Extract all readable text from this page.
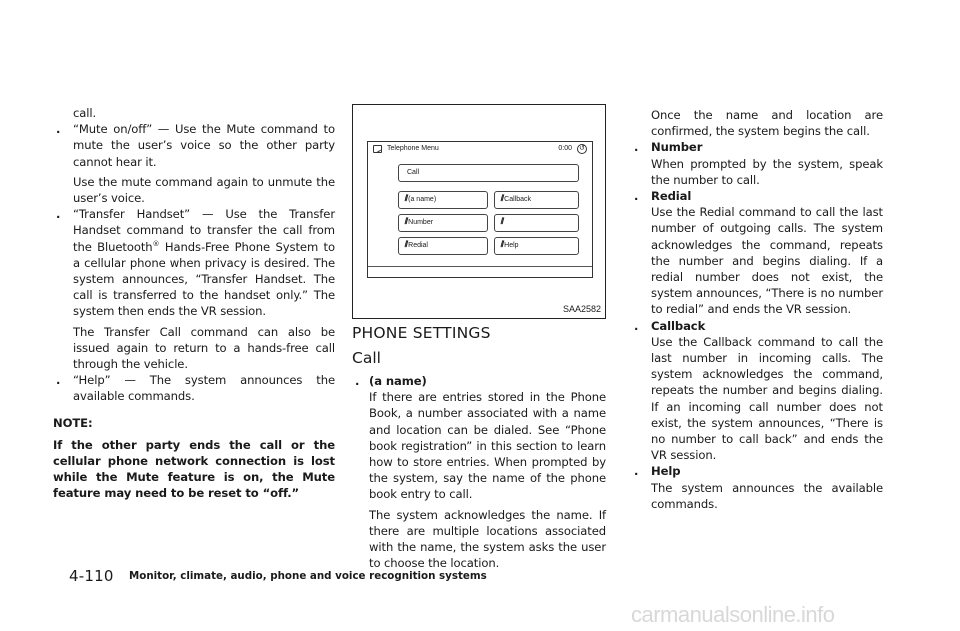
call.
. “Mute on/off” — Use the Mute command to mute the user’s voice so the other party cannot hear it.
Use the mute command again to unmute the user’s voice.
. “Transfer Handset” — Use the Transfer Handset command to transfer the call from the Bluetooth® Hands-Free Phone System to a cellular phone when privacy is desired. The system announces, “Transfer Handset. The call is transferred to the handset only.” The system then ends the VR session.
The Transfer Call command can also be issued again to return to a hands-free call through the vehicle.
. “Help” — The system announces the available commands.
NOTE:
If the other party ends the call or the cellular phone network connection is lost while the Mute feature is on, the Mute feature may need to be reset to “off.”
Telephone Menu	0:00 ↺
Call
ꟾꟾ (a name)	ꟾꟾ Callback
ꟾꟾ Number	ꟾꟾ
ꟾꟾ Redial	ꟾꟾ Help
SAA2582
PHONE SETTINGS
Call
. (a name)
If there are entries stored in the Phone Book, a number associated with a name and location can be dialed. See “Phone book registration” in this section to learn how to store entries. When prompted by the system, say the name of the phone book entry to call.
The system acknowledges the name. If there are multiple locations associated with the name, the system asks the user to choose the location.
Once the name and location are confirmed, the system begins the call.
. Number
When prompted by the system, speak the number to call.
. Redial
Use the Redial command to call the last number of outgoing calls. The system acknowledges the command, repeats the number and begins dialing. If a redial number does not exist, the system announces, “There is no number to redial” and ends the VR session.
. Callback
Use the Callback command to call the last number in incoming calls. The system acknowledges the command, repeats the number and begins dialing. If an incoming call number does not exist, the system announces, “There is no number to call back” and ends the VR session.
. Help
The system announces the available commands.
4-110 Monitor, climate, audio, phone and voice recognition systems
carmanualsonline.info
